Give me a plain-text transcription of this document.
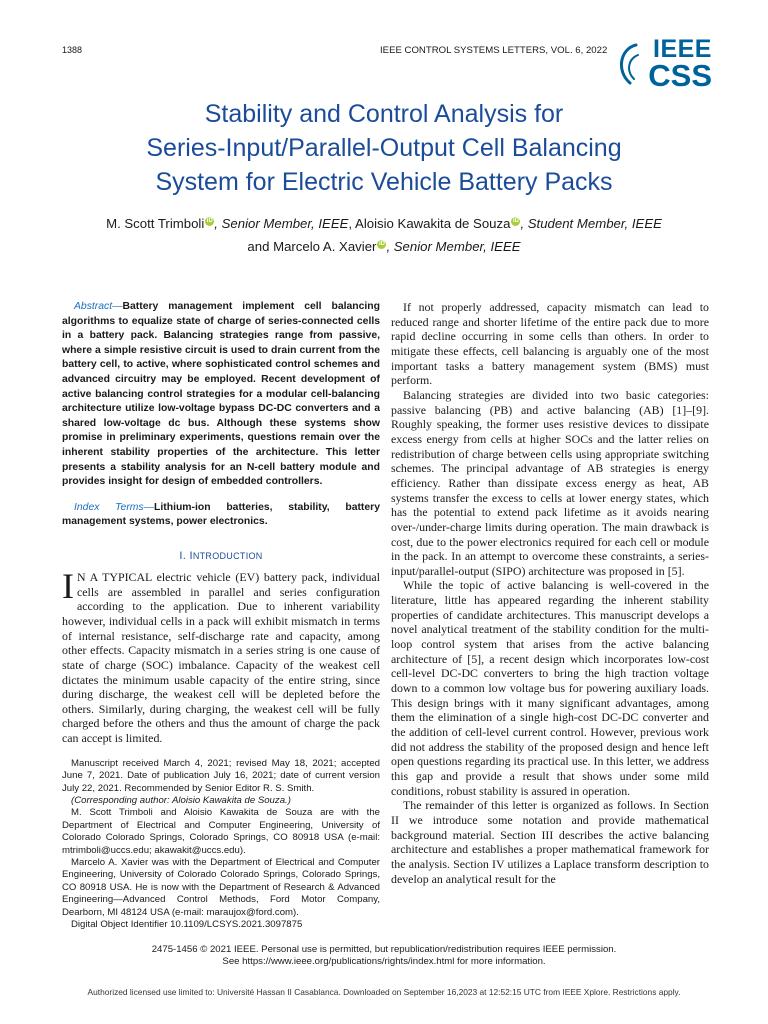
1388	IEEE CONTROL SYSTEMS LETTERS, VOL. 6, 2022 IEEE
CSS
Stability and Control Analysis for
Series-Input/Parallel-Output Cell Balancing
System for Electric Vehicle Battery Packs
M. Scott Trimboli iD , Senior Member, IEEE, Aloisio Kawakita de Souza iD , Student Member, IEEE
and Marcelo A. Xavier iD , Senior Member, IEEE

Abstract—Battery management implement cell balancing algorithms to equalize state of charge of series-connected cells in a battery pack. Balancing strategies range from passive, where a simple resistive circuit is used to drain current from the battery cell, to active, where sophisticated control schemes and advanced circuitry may be employed. Recent development of active balancing control strategies for a modular cell-balancing architecture utilize low-voltage bypass DC-DC converters and a shared low-voltage dc bus. Although these systems show promise in preliminary experiments, questions remain over the inherent stability properties of the architecture. This letter presents a stability analysis for an N-cell battery module and provides insight for design of embedded controllers.

Index Terms—Lithium-ion batteries, stability, battery management systems, power electronics.

I. INTRODUCTION

I N A TYPICAL electric vehicle (EV) battery pack, individual cells are assembled in parallel and series configuration according to the application. Due to inherent variability however, individual cells in a pack will exhibit mismatch in terms of internal resistance, self-discharge rate and capacity, among other effects. Capacity mismatch in a series string is one cause of state of charge (SOC) imbalance. Capacity of the weakest cell dictates the minimum usable capacity of the entire string, since during discharge, the weakest cell will be depleted before the others. Similarly, during charging, the weakest cell will be fully charged before the others and thus the amount of charge the pack can accept is limited.

Manuscript received March 4, 2021; revised May 18, 2021; accepted June 7, 2021. Date of publication July 16, 2021; date of current version July 22, 2021. Recommended by Senior Editor R. S. Smith.

(Corresponding author: Aloisio Kawakita de Souza.)

M. Scott Trimboli and Aloisio Kawakita de Souza are with the Department of Electrical and Computer Engineering, University of Colorado Colorado Springs, Colorado Springs, CO 80918 USA (e-mail: mtrimboli@uccs.edu; akawakit@uccs.edu).

Marcelo A. Xavier was with the Department of Electrical and Computer Engineering, University of Colorado Colorado Springs, Colorado Springs, CO 80918 USA. He is now with the Department of Research & Advanced Engineering—Advanced Control Methods, Ford Motor Company, Dearborn, MI 48124 USA (e-mail: maraujox@ford.com).

Digital Object Identifier 10.1109/LCSYS.2021.3097875

If not properly addressed, capacity mismatch can lead to reduced range and shorter lifetime of the entire pack due to more rapid decline occurring in some cells than others. In order to mitigate these effects, cell balancing is arguably one of the most important tasks a battery management system (BMS) must perform.

Balancing strategies are divided into two basic categories: passive balancing (PB) and active balancing (AB) [1]–[9]. Roughly speaking, the former uses resistive devices to dissipate excess energy from cells at higher SOCs and the latter relies on redistribution of charge between cells using appropriate switching schemes. The principal advantage of AB strategies is energy efficiency. Rather than dissipate excess energy as heat, AB systems transfer the excess to cells at lower energy states, which has the potential to extend pack lifetime as it avoids nearing over-/under-charge limits during operation. The main drawback is cost, due to the power electronics required for each cell or module in the pack. In an attempt to overcome these constraints, a series-input/parallel-output (SIPO) architecture was proposed in [5].

While the topic of active balancing is well-covered in the literature, little has appeared regarding the inherent stability properties of candidate architectures. This manuscript develops a novel analytical treatment of the stability condition for the multi-loop control system that arises from the active balancing architecture of [5], a recent design which incorporates low-cost cell-level DC-DC converters to bring the high traction voltage down to a common low voltage bus for powering auxiliary loads. This design brings with it many significant advantages, among them the elimination of a single high-cost DC-DC converter and the addition of cell-level current control. However, previous work did not address the stability of the proposed design and hence left open questions regarding its practical use. In this letter, we address this gap and provide a result that shows under some mild conditions, robust stability is assured in operation.

The remainder of this letter is organized as follows. In Section II we introduce some notation and provide mathematical background material. Section III describes the active balancing architecture and establishes a proper mathematical framework for the analysis. Section IV utilizes a Laplace transform description to develop an analytical result for the

2475-1456 © 2021 IEEE. Personal use is permitted, but republication/redistribution requires IEEE permission.
See https://www.ieee.org/publications/rights/index.html for more information.
Authorized licensed use limited to: Université Hassan II Casablanca. Downloaded on September 16,2023 at 12:52:15 UTC from IEEE Xplore. Restrictions apply.
